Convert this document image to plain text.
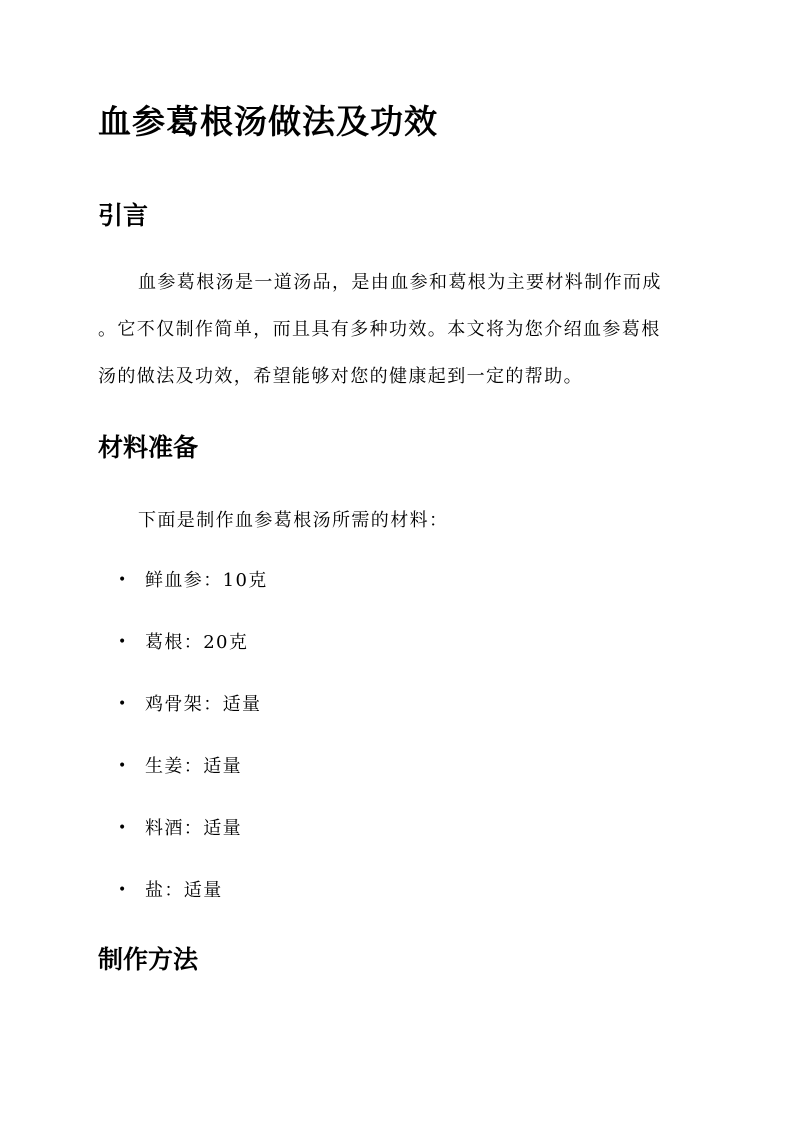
血参葛根汤做法及功效
引言

血参葛根汤是一道汤品，是由血参和葛根为主要材料制作而成
。它不仅制作简单，而且具有多种功效。本文将为您介绍血参葛根
汤的做法及功效，希望能够对您的健康起到一定的帮助。

材料准备

下面是制作血参葛根汤所需的材料：

• 鲜血参：10克
• 葛根：20克
• 鸡骨架：适量
• 生姜：适量
• 料酒：适量
• 盐：适量
制作方法
